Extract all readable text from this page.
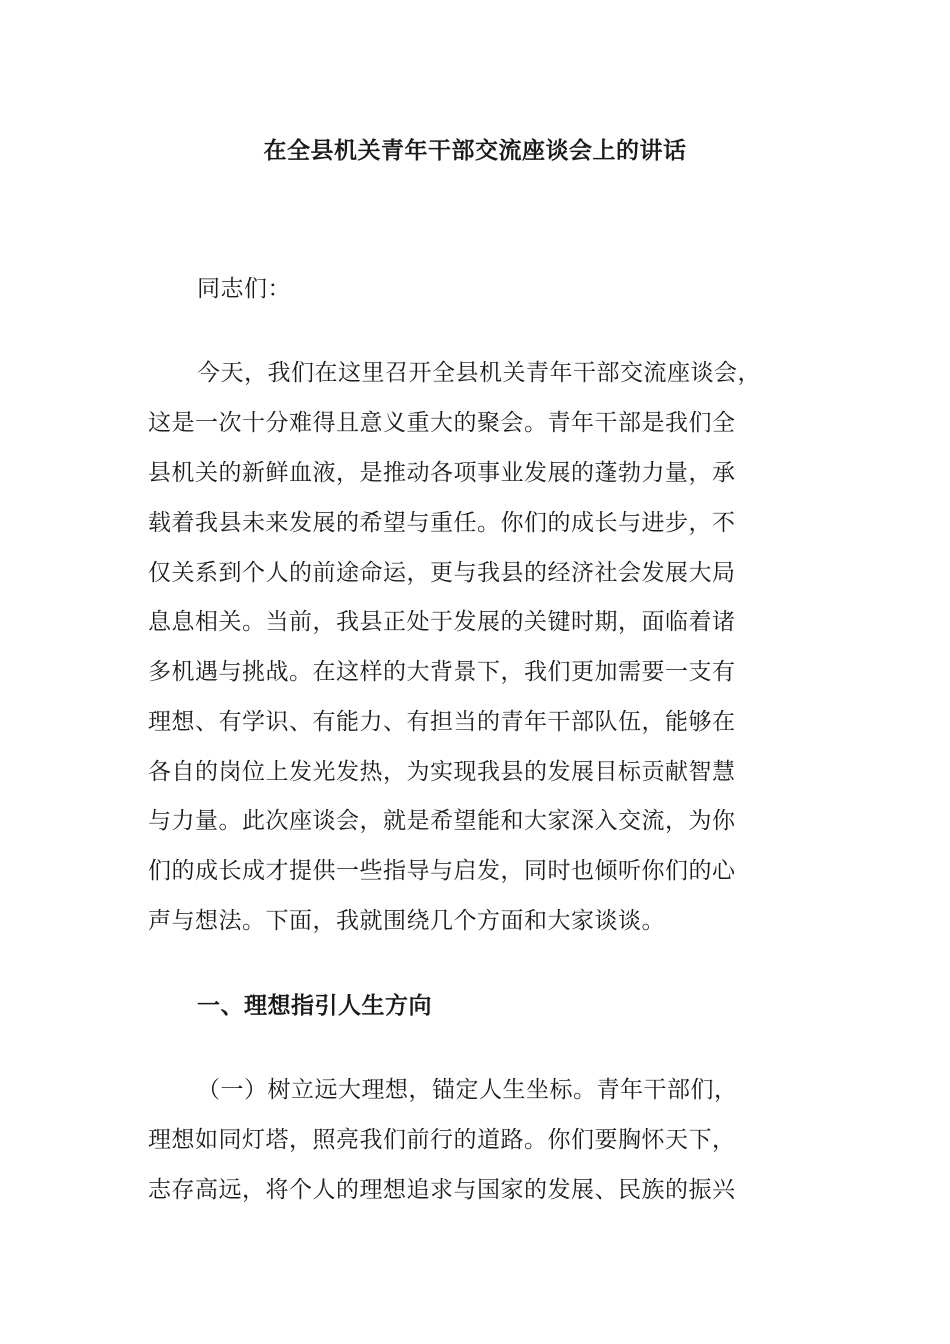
在全县机关青年干部交流座谈会上的讲话
同志们：
今天，我们在这里召开全县机关青年干部交流座谈会，
这是一次十分难得且意义重大的聚会。青年干部是我们全
县机关的新鲜血液，是推动各项事业发展的蓬勃力量，承
载着我县未来发展的希望与重任。你们的成长与进步，不
仅关系到个人的前途命运，更与我县的经济社会发展大局
息息相关。当前，我县正处于发展的关键时期，面临着诸
多机遇与挑战。在这样的大背景下，我们更加需要一支有
理想、有学识、有能力、有担当的青年干部队伍，能够在
各自的岗位上发光发热，为实现我县的发展目标贡献智慧
与力量。此次座谈会，就是希望能和大家深入交流，为你
们的成长成才提供一些指导与启发，同时也倾听你们的心
声与想法。下面，我就围绕几个方面和大家谈谈。
一、理想指引人生方向
（一）树立远大理想，锚定人生坐标。青年干部们，
理想如同灯塔，照亮我们前行的道路。你们要胸怀天下，
志存高远，将个人的理想追求与国家的发展、民族的振兴
